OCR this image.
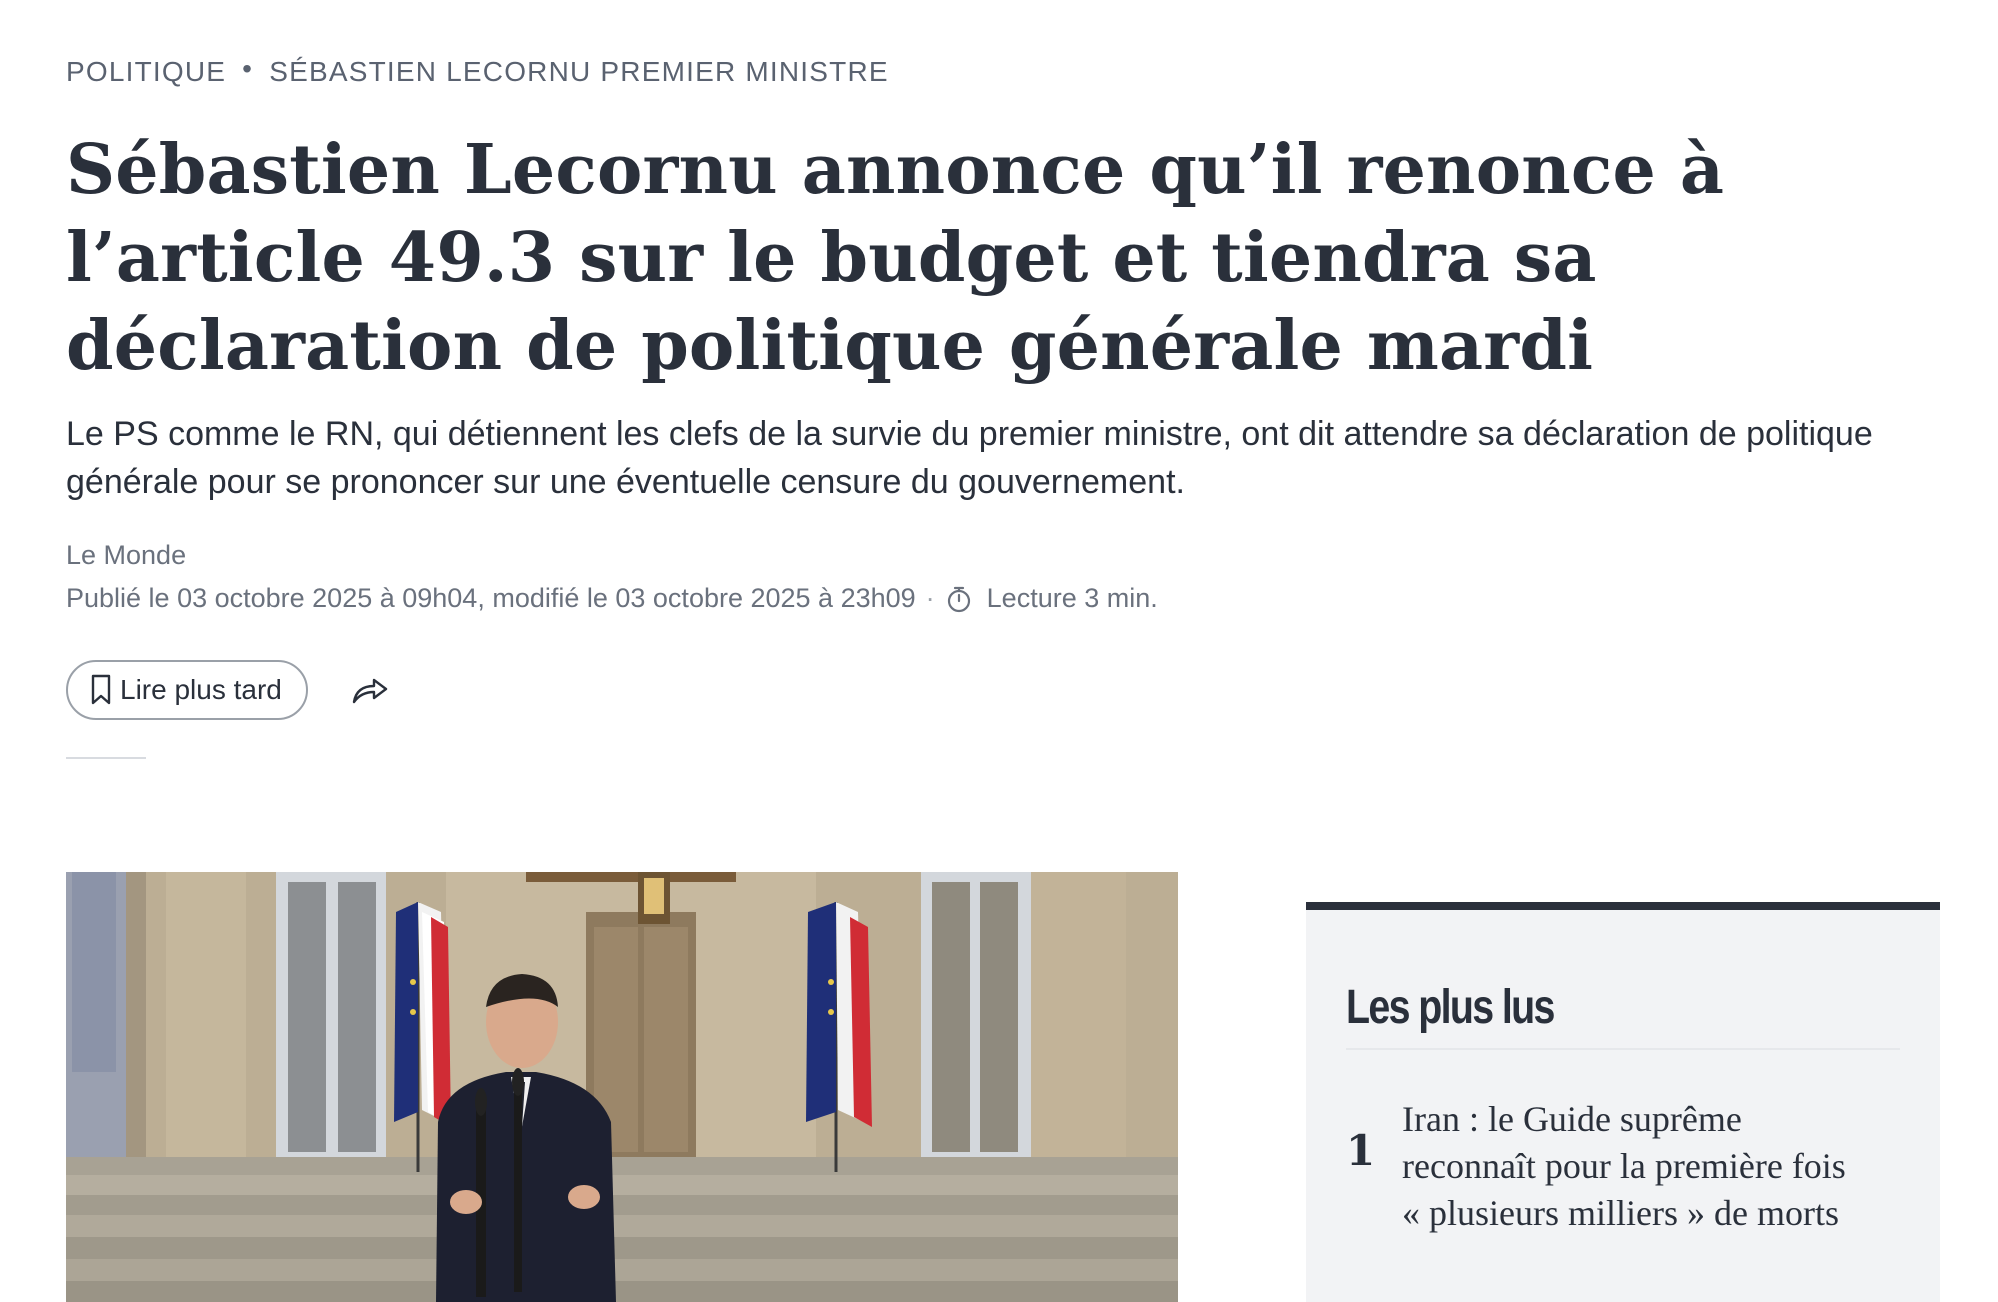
POLITIQUE • SÉBASTIEN LECORNU PREMIER MINISTRE
Sébastien Lecornu annonce qu’il renonce à l’article 49.3 sur le budget et tiendra sa déclaration de politique générale mardi

Le PS comme le RN, qui détiennent les clefs de la survie du premier ministre, ont dit attendre sa déclaration de politique générale pour se prononcer sur une éventuelle censure du gouvernement.

Le Monde
Publié le 03 octobre 2025 à 09h04, modifié le 03 octobre 2025 à 23h09 · Lecture 3 min.
Lire plus tard
Les plus lus
1
Iran : le Guide suprême reconnaît pour la première fois « plusieurs milliers » de morts
